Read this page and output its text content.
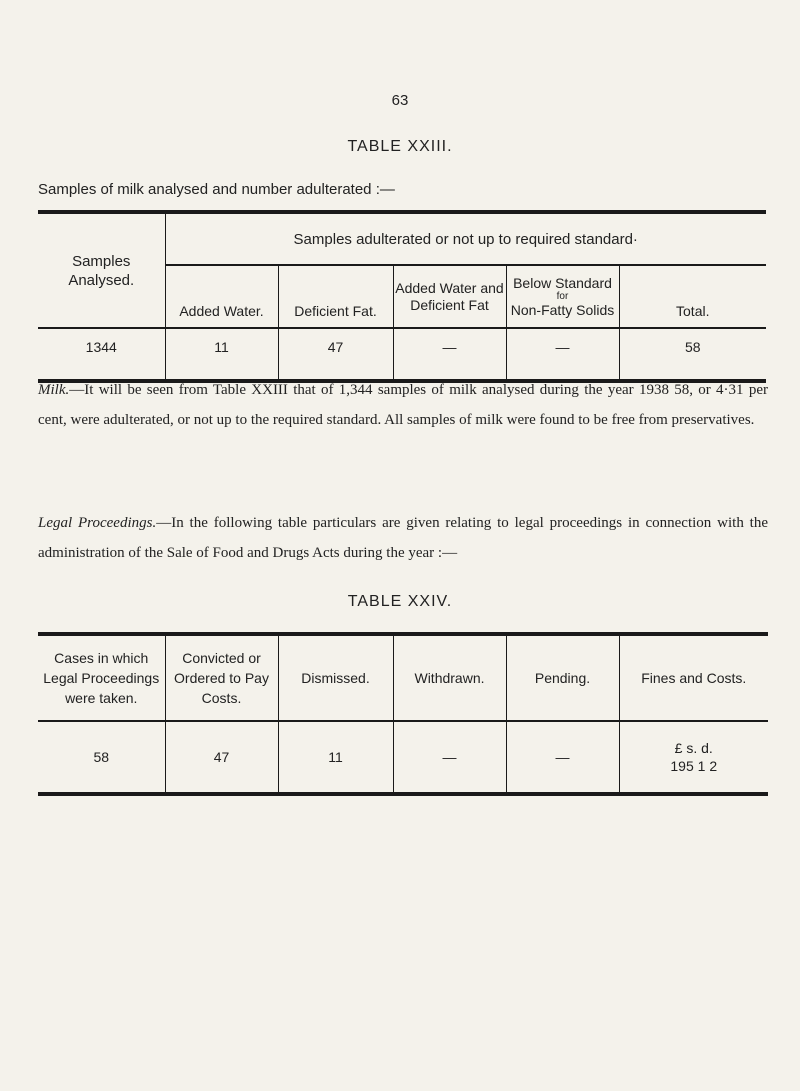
63
TABLE XXIII.
Samples of milk analysed and number adulterated :—
Samples Analysed.	Samples adulterated or not up to required standard·				
	Added Water.	Deficient Fat.	Added Water and Deficient Fat	Below Standard
for
Non-Fatty Solids	Total.
1344	11	47	—	—	58
Milk.—It will be seen from Table XXIII that of 1,344 samples of milk analysed during the year 1938 58, or 4·31 per cent, were adulterated, or not up to the required standard. All samples of milk were found to be free from preservatives.
Legal Proceedings.—In the following table particulars are given relating to legal proceedings in connection with the administration of the Sale of Food and Drugs Acts during the year :—
TABLE XXIV.
Cases in which Legal Proceedings were taken.	Convicted or Ordered to Pay Costs.	Dismissed.	Withdrawn.	Pending.	Fines and Costs.
58	47	11	—	—	£ s. d.
195 1 2
